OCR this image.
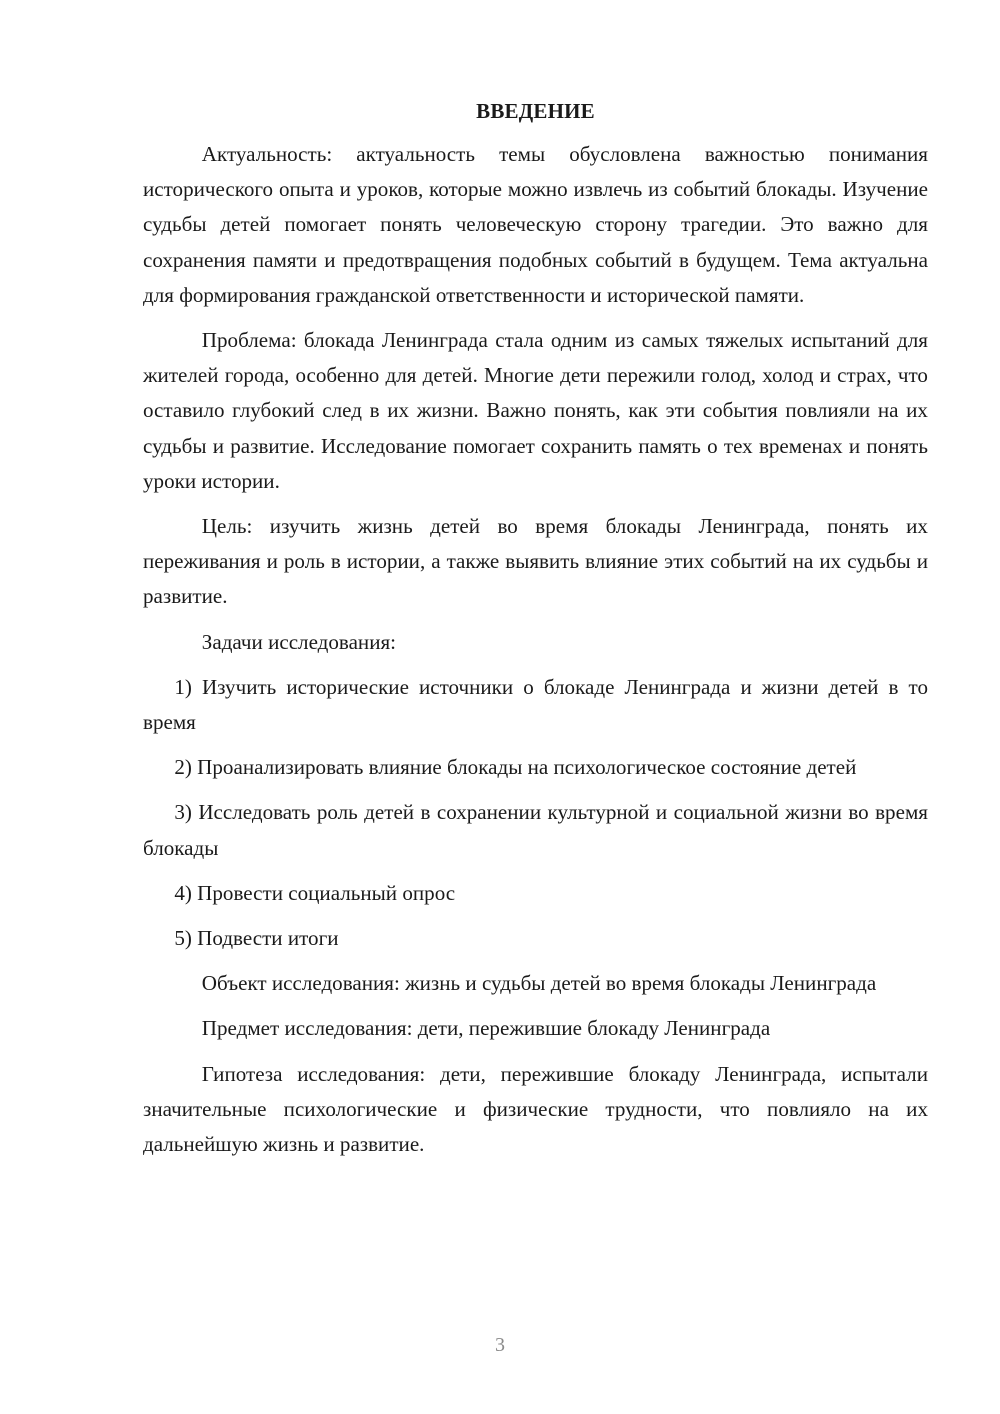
ВВЕДЕНИЕ

Актуальность: актуальность темы обусловлена важностью понимания исторического опыта и уроков, которые можно извлечь из событий блокады. Изучение судьбы детей помогает понять человеческую сторону трагедии. Это важно для сохранения памяти и предотвращения подобных событий в будущем. Тема актуальна для формирования гражданской ответственности и исторической памяти.

Проблема: блокада Ленинграда стала одним из самых тяжелых испытаний для жителей города, особенно для детей. Многие дети пережили голод, холод и страх, что оставило глубокий след в их жизни. Важно понять, как эти события повлияли на их судьбы и развитие. Исследование помогает сохранить память о тех временах и понять уроки истории.

Цель: изучить жизнь детей во время блокады Ленинграда, понять их переживания и роль в истории, а также выявить влияние этих событий на их судьбы и развитие.

Задачи исследования:

1) Изучить исторические источники о блокаде Ленинграда и жизни детей в то время

2) Проанализировать влияние блокады на психологическое состояние детей

3) Исследовать роль детей в сохранении культурной и социальной жизни во время блокады

4) Провести социальный опрос

5) Подвести итоги

Объект исследования: жизнь и судьбы детей во время блокады Ленинграда

Предмет исследования: дети, пережившие блокаду Ленинграда

Гипотеза исследования: дети, пережившие блокаду Ленинграда, испытали значительные психологические и физические трудности, что повлияло на их дальнейшую жизнь и развитие.

3
